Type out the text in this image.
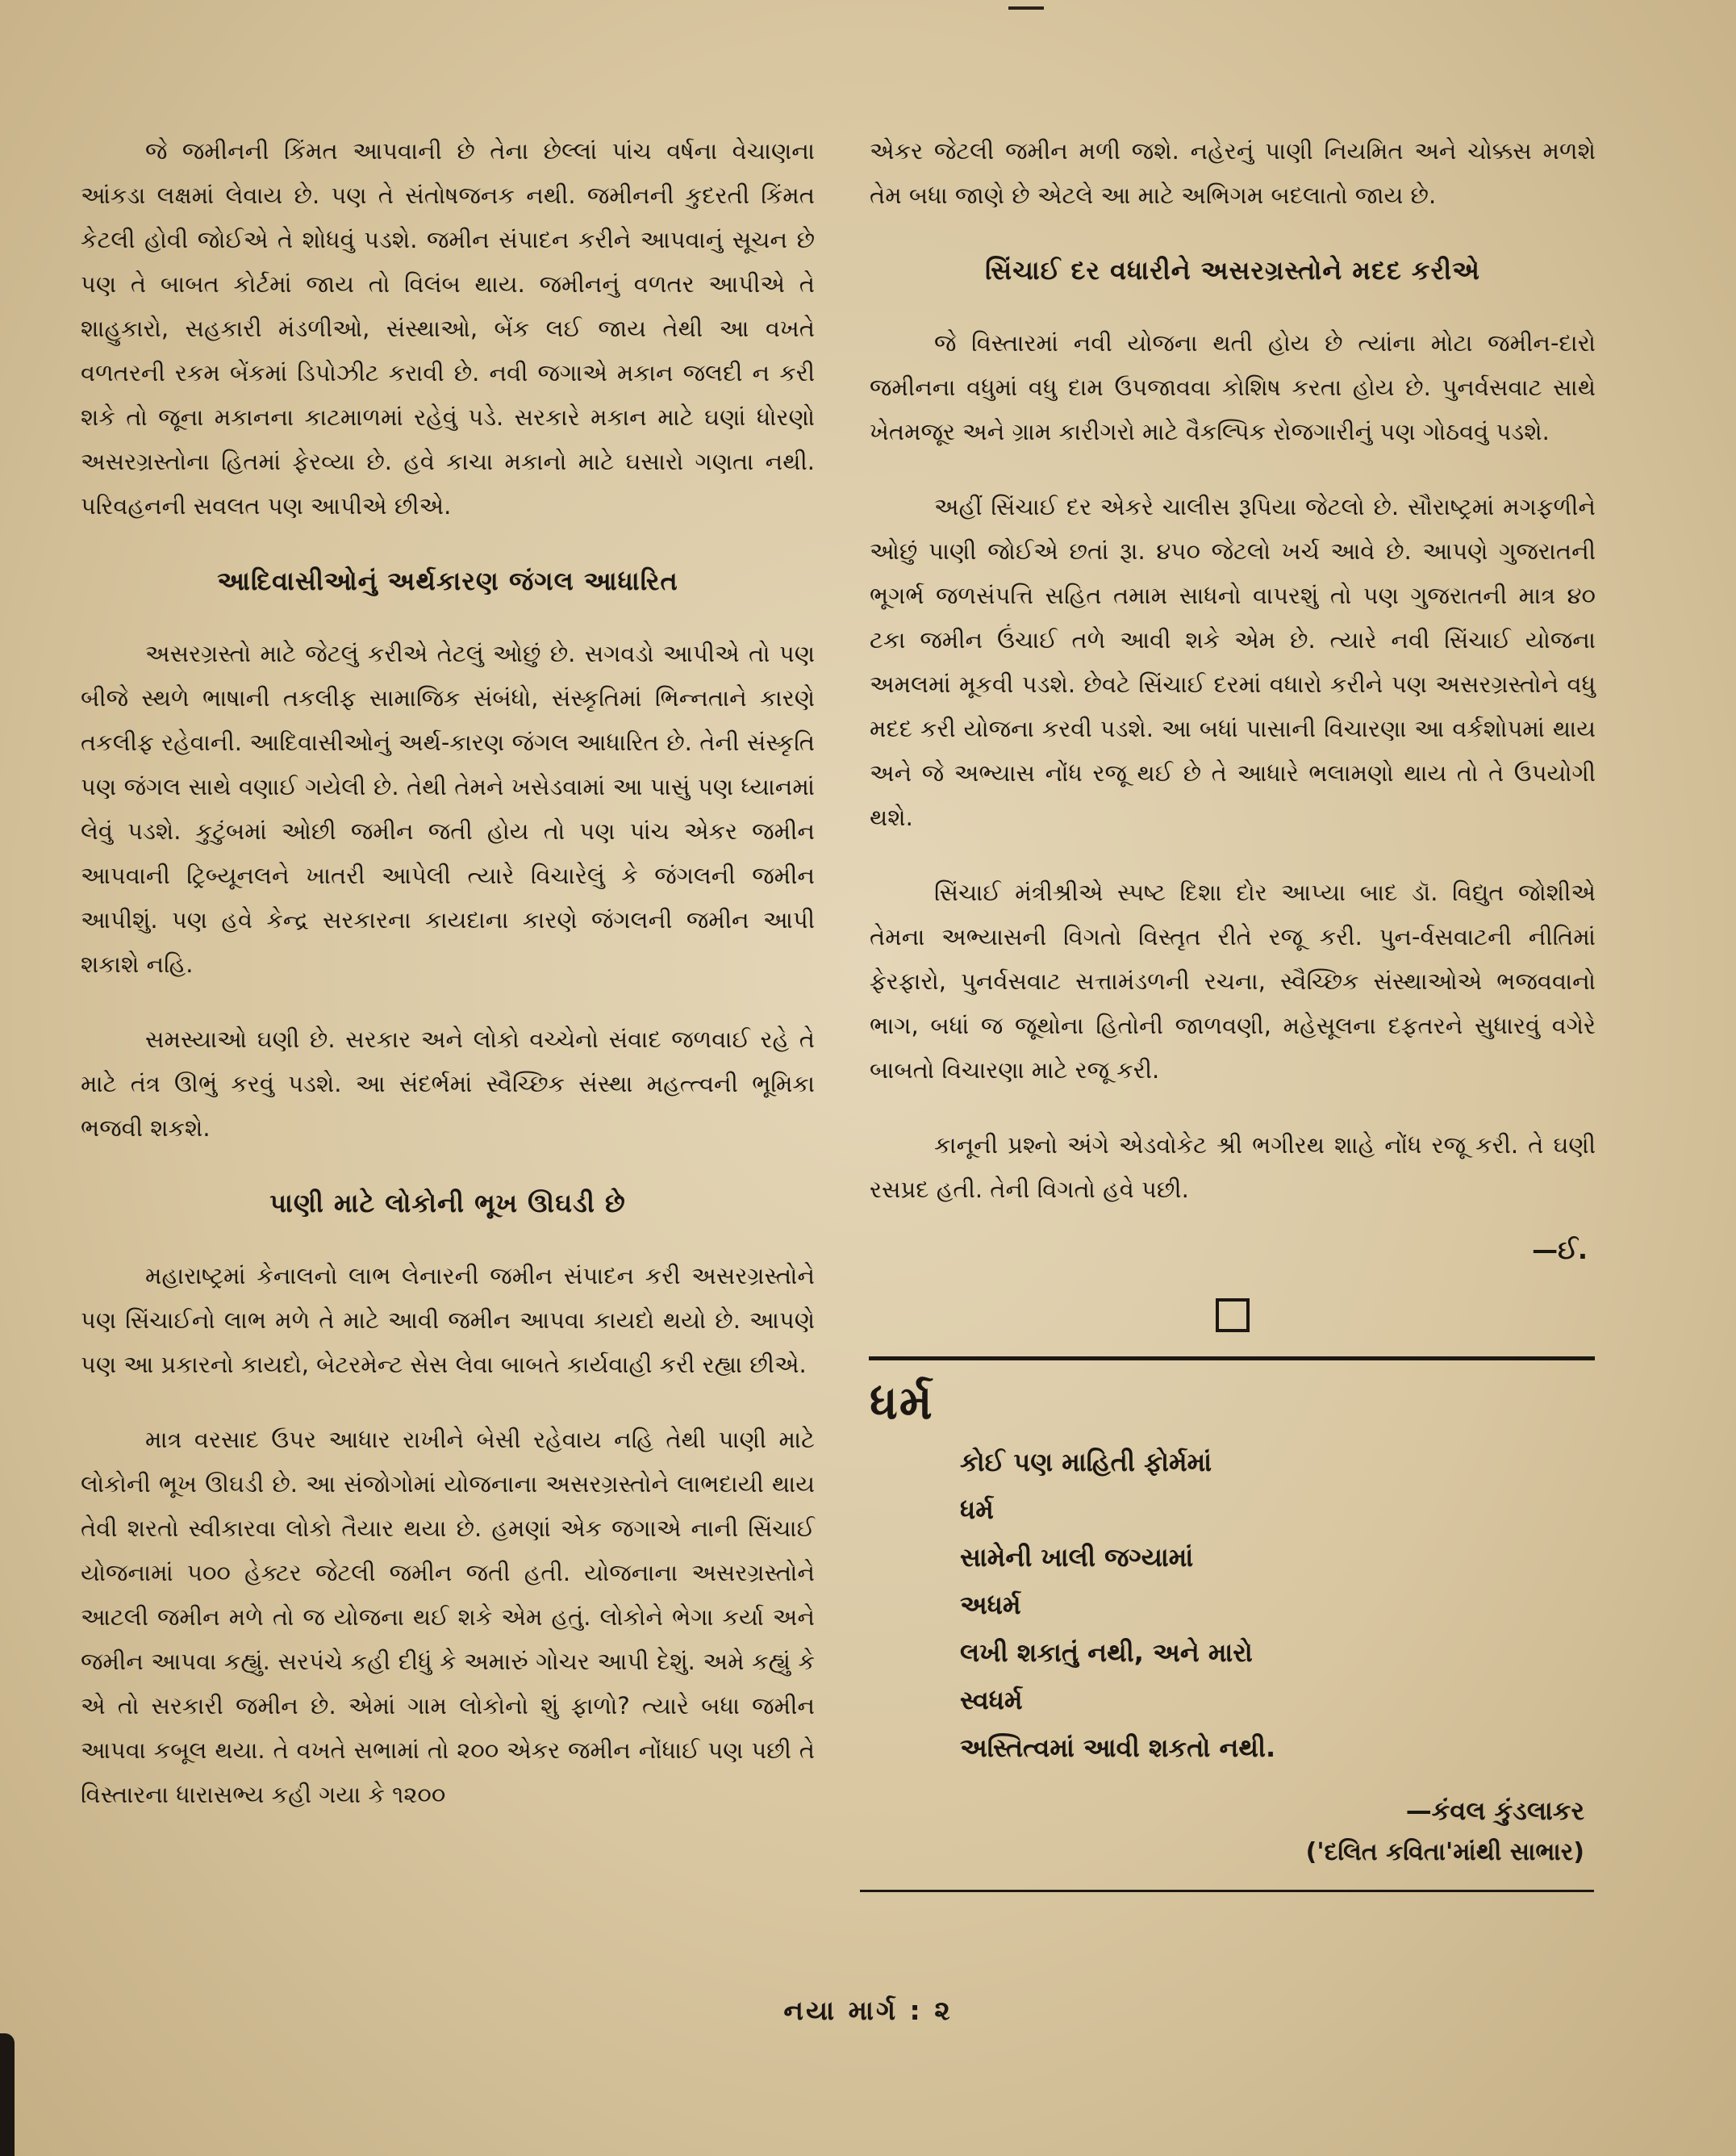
જે જમીનની કિંમત આપવાની છે તેના છેલ્લાં પાંચ વર્ષના વેચાણના આંકડા લક્ષમાં લેવાય છે. પણ તે સંતોષજનક નથી. જમીનની કુદરતી કિંમત કેટલી હોવી જોઈએ તે શોધવું પડશે. જમીન સંપાદન કરીને આપવાનું સૂચન છે પણ તે બાબત કોર્ટમાં જાય તો વિલંબ થાય. જમીનનું વળતર આપીએ તે શાહુકારો, સહકારી મંડળીઓ, સંસ્થાઓ, બેંક લઈ જાય તેથી આ વખતે વળતરની રકમ બેંકમાં ડિપોઝીટ કરાવી છે. નવી જગાએ મકાન જલદી ન કરી શકે તો જૂના મકાનના કાટમાળમાં રહેવું પડે. સરકારે મકાન માટે ઘણાં ધોરણો અસરગ્રસ્તોના હિતમાં ફેરવ્યા છે. હવે કાચા મકાનો માટે ઘસારો ગણતા નથી. પરિવહનની સવલત પણ આપીએ છીએ.

આદિવાસીઓનું અર્થકારણ જંગલ આધારિત

અસરગ્રસ્તો માટે જેટલું કરીએ તેટલું ઓછું છે. સગવડો આપીએ તો પણ બીજે સ્થળે ભાષાની તકલીફ સામાજિક સંબંધો, સંસ્કૃતિમાં ભિન્નતાને કારણે તકલીફ રહેવાની. આદિવાસીઓનું અર્થ-કારણ જંગલ આધારિત છે. તેની સંસ્કૃતિ પણ જંગલ સાથે વણાઈ ગયેલી છે. તેથી તેમને ખસેડવામાં આ પાસું પણ ધ્યાનમાં લેવું પડશે. કુટુંબમાં ઓછી જમીન જતી હોય તો પણ પાંચ એકર જમીન આપવાની ટ્રિબ્યૂનલને ખાતરી આપેલી ત્યારે વિચારેલું કે જંગલની જમીન આપીશું. પણ હવે કેન્દ્ર સરકારના કાયદાના કારણે જંગલની જમીન આપી શકાશે નહિ.

સમસ્યાઓ ઘણી છે. સરકાર અને લોકો વચ્ચેનો સંવાદ જળવાઈ રહે તે માટે તંત્ર ઊભું કરવું પડશે. આ સંદર્ભમાં સ્વૈચ્છિક સંસ્થા મહત્ત્વની ભૂમિકા ભજવી શકશે.

પાણી માટે લોકોની ભૂખ ઊઘડી છે

મહારાષ્ટ્રમાં કેનાલનો લાભ લેનારની જમીન સંપાદન કરી અસરગ્રસ્તોને પણ સિંચાઈનો લાભ મળે તે માટે આવી જમીન આપવા કાયદો થયો છે. આપણે પણ આ પ્રકારનો કાયદો, બેટરમેન્ટ સેસ લેવા બાબતે કાર્યવાહી કરી રહ્યા છીએ.

માત્ર વરસાદ ઉપર આધાર રાખીને બેસી રહેવાય નહિ તેથી પાણી માટે લોકોની ભૂખ ઊઘડી છે. આ સંજોગોમાં યોજનાના અસરગ્રસ્તોને લાભદાયી થાય તેવી શરતો સ્વીકારવા લોકો તૈયાર થયા છે. હમણાં એક જગાએ નાની સિંચાઈ યોજનામાં ૫૦૦ હેક્ટર જેટલી જમીન જતી હતી. યોજનાના અસરગ્રસ્તોને આટલી જમીન મળે તો જ યોજના થઈ શકે એમ હતું. લોકોને ભેગા કર્યા અને જમીન આપવા કહ્યું. સરપંચે કહી દીધું કે અમારું ગોચર આપી દેશું. અમે કહ્યું કે એ તો સરકારી જમીન છે. એમાં ગામ લોકોનો શું ફાળો? ત્યારે બધા જમીન આપવા કબૂલ થયા. તે વખતે સભામાં તો ૨૦૦ એકર જમીન નોંધાઈ પણ પછી તે વિસ્તારના ધારાસભ્ય કહી ગયા કે ૧૨૦૦

એકર જેટલી જમીન મળી જશે. નહેરનું પાણી નિયમિત અને ચોક્કસ મળશે તેમ બધા જાણે છે એટલે આ માટે અભિગમ બદલાતો જાય છે.

સિંચાઈ દર વધારીને અસરગ્રસ્તોને મદદ કરીએ

જે વિસ્તારમાં નવી યોજના થતી હોય છે ત્યાંના મોટા જમીન-દારો જમીનના વધુમાં વધુ દામ ઉપજાવવા કોશિષ કરતા હોય છે. પુનર્વસવાટ સાથે ખેતમજૂર અને ગ્રામ કારીગરો માટે વૈકલ્પિક રોજગારીનું પણ ગોઠવવું પડશે.

અહીં સિંચાઈ દર એકરે ચાલીસ રૂપિયા જેટલો છે. સૌરાષ્ટ્રમાં મગફળીને ઓછું પાણી જોઈએ છતાં રૂા. ૪૫૦ જેટલો ખર્ચ આવે છે. આપણે ગુજરાતની ભૂગર્ભ જળસંપત્તિ સહિત તમામ સાધનો વાપરશું તો પણ ગુજરાતની માત્ર ૪૦ ટકા જમીન ઉંચાઈ તળે આવી શકે એમ છે. ત્યારે નવી સિંચાઈ યોજના અમલમાં મૂકવી પડશે. છેવટે સિંચાઈ દરમાં વધારો કરીને પણ અસરગ્રસ્તોને વધુ મદદ કરી યોજના કરવી પડશે. આ બધાં પાસાની વિચારણા આ વર્કશોપમાં થાય અને જે અભ્યાસ નોંધ રજૂ થઈ છે તે આધારે ભલામણો થાય તો તે ઉપયોગી થશે.

સિંચાઈ મંત્રીશ્રીએ સ્પષ્ટ દિશા દોર આપ્યા બાદ ડૉ. વિદ્યુત જોશીએ તેમના અભ્યાસની વિગતો વિસ્તૃત રીતે રજૂ કરી. પુન-ર્વસવાટની નીતિમાં ફેરફારો, પુનર્વસવાટ સત્તામંડળની રચના, સ્વૈચ્છિક સંસ્થાઓએ ભજવવાનો ભાગ, બધાં જ જૂથોના હિતોની જાળવણી, મહેસૂલના દફતરને સુધારવું વગેરે બાબતો વિચારણા માટે રજૂ કરી.

કાનૂની પ્રશ્નો અંગે એડવોકેટ શ્રી ભગીરથ શાહે નોંધ રજૂ કરી. તે ઘણી રસપ્રદ હતી. તેની વિગતો હવે પછી.

—ઈ.
ધર્મ
કોઈ પણ માહિતી ફોર્મમાં
ધર્મ
સામેની ખાલી જગ્યામાં
અધર્મ
લખી શકાતું નથી, અને મારો
સ્વધર્મ
અસ્તિત્વમાં આવી શકતો નથી.
—કંવલ કુંડલાકર
('દલિત કવિતા'માંથી સાભાર)
નયા માર્ગ : ૨
